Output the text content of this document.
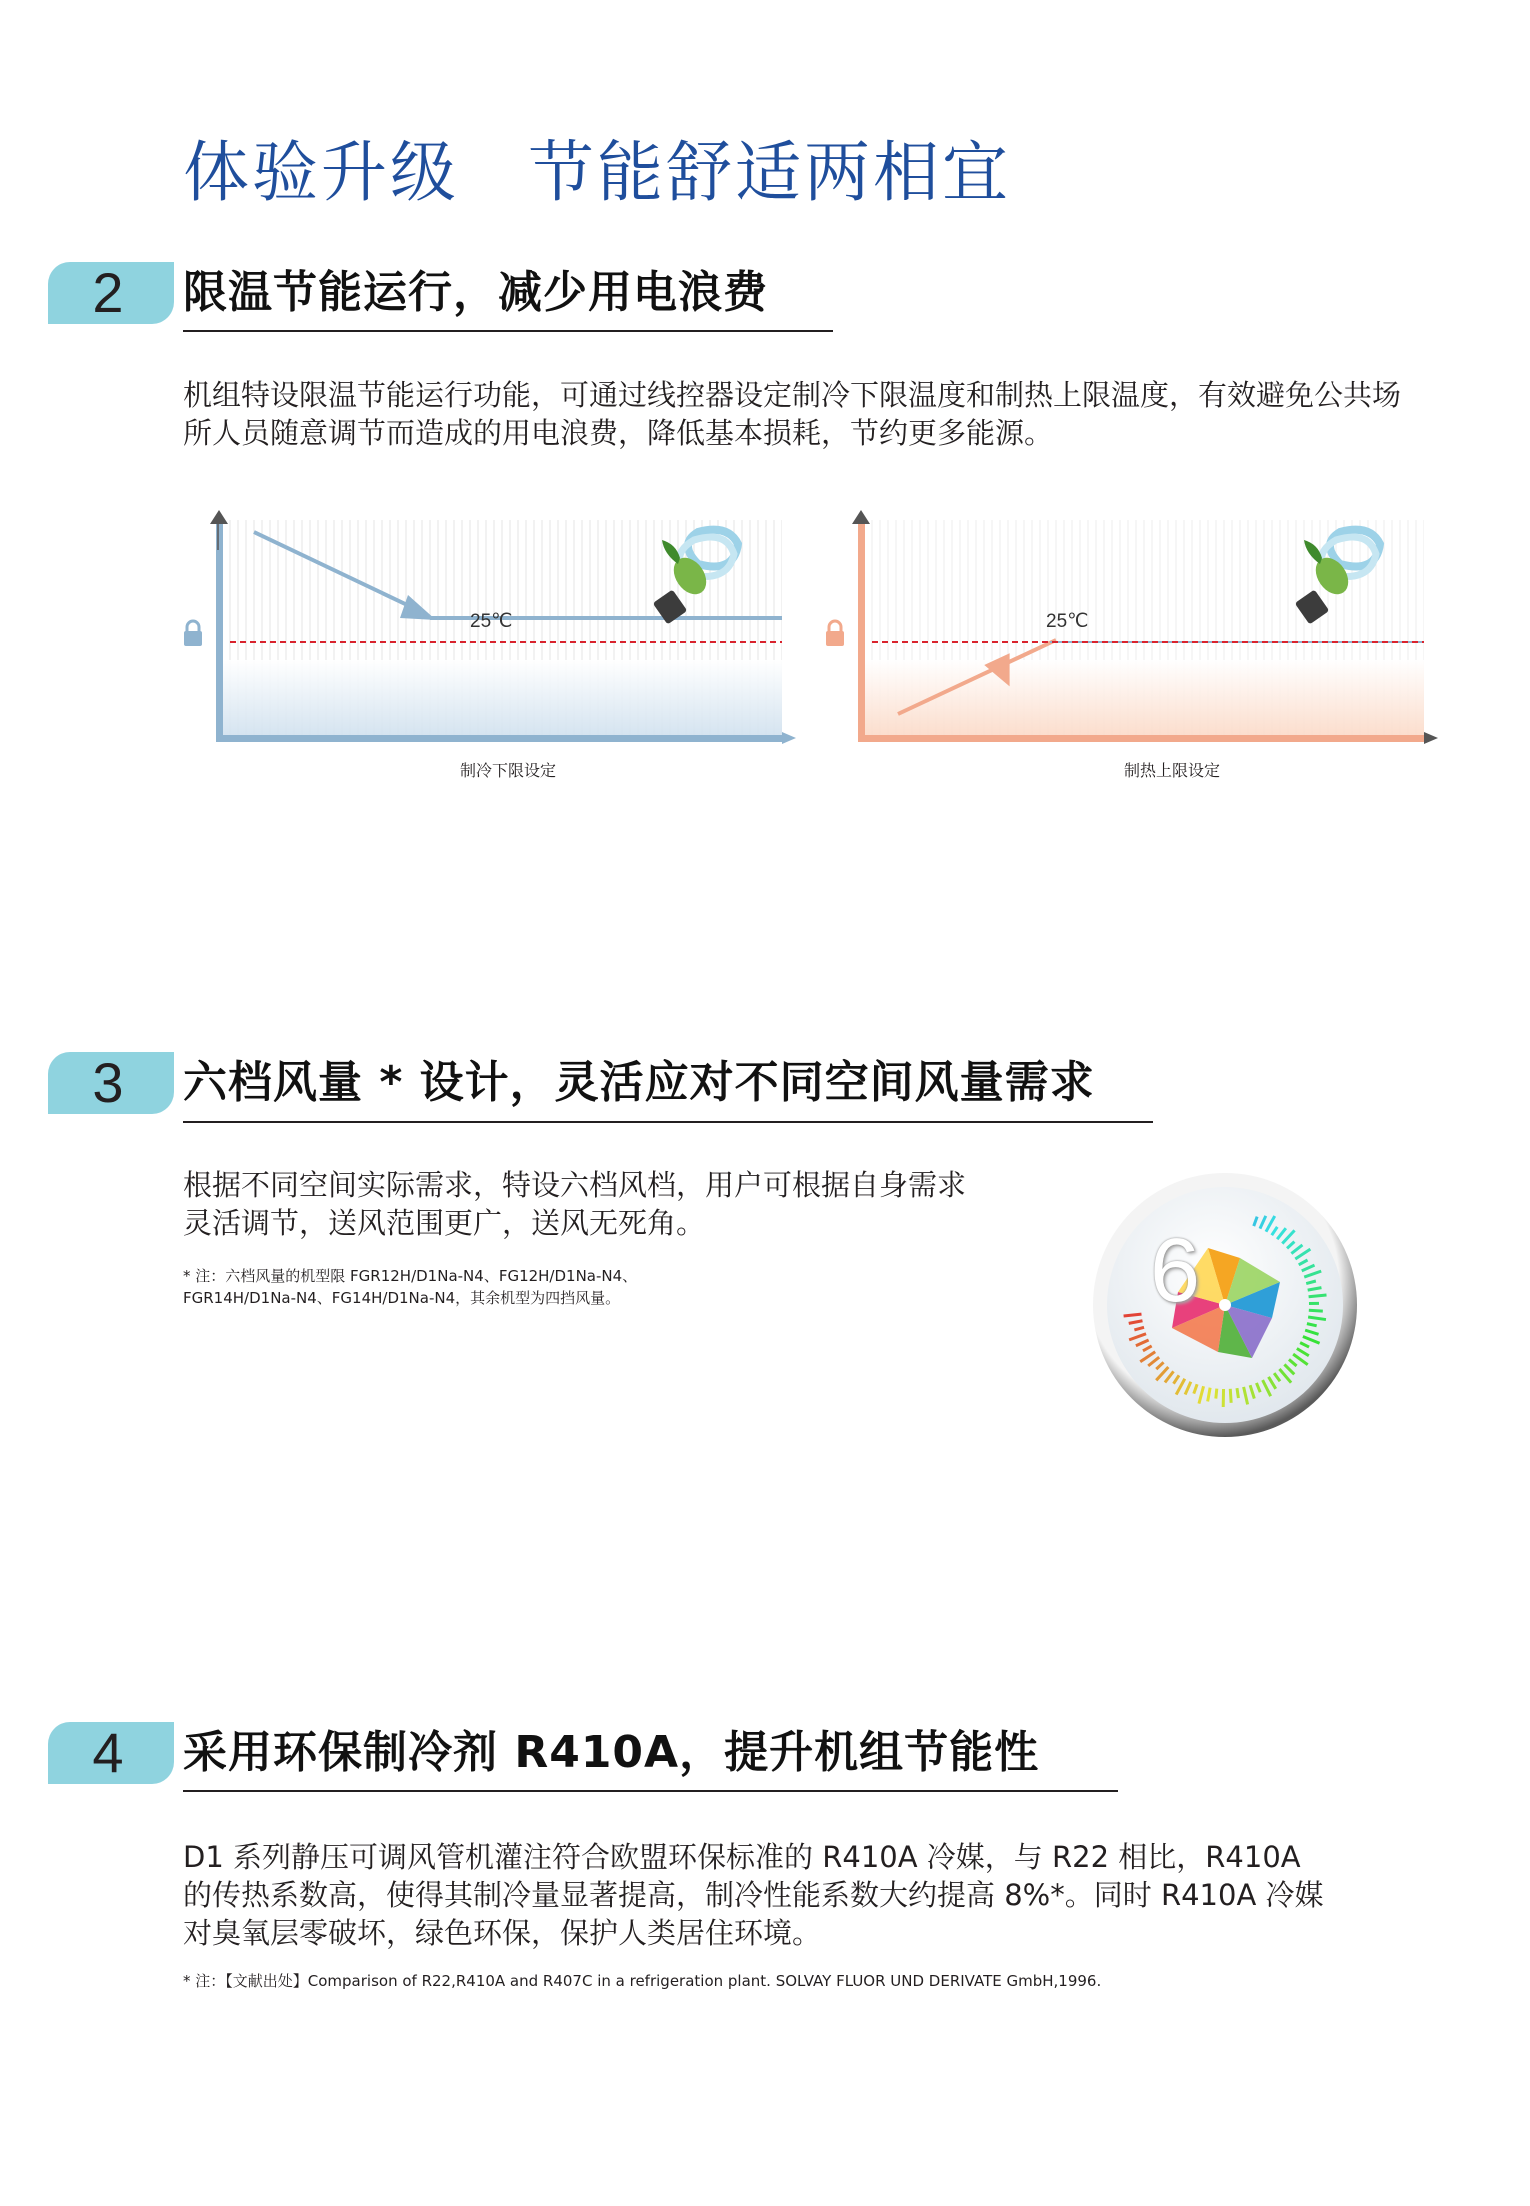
体验升级　节能舒适两相宜
2	限温节能运行，减少用电浪费
机组特设限温节能运行功能，可通过线控器设定制冷下限温度和制热上限温度，有效避免公共场
所人员随意调节而造成的用电浪费，降低基本损耗，节约更多能源。
25℃
制冷下限设定
25℃
制热上限设定
3	六档风量 * 设计，灵活应对不同空间风量需求
根据不同空间实际需求，特设六档风档，用户可根据自身需求
灵活调节，送风范围更广，送风无死角。
* 注：六档风量的机型限 FGR12H/D1Na-N4、FG12H/D1Na-N4、
FGR14H/D1Na-N4、FG14H/D1Na-N4，其余机型为四挡风量。	6
4	采用环保制冷剂 R410A，提升机组节能性
D1 系列静压可调风管机灌注符合欧盟环保标准的 R410A 冷媒，与 R22 相比，R410A
的传热系数高，使得其制冷量显著提高，制冷性能系数大约提高 8%*。同时 R410A 冷媒
对臭氧层零破坏，绿色环保，保护人类居住环境。
* 注：【文献出处】Comparison of R22,R410A and R407C in a refrigeration plant. SOLVAY FLUOR UND DERIVATE GmbH,1996.
